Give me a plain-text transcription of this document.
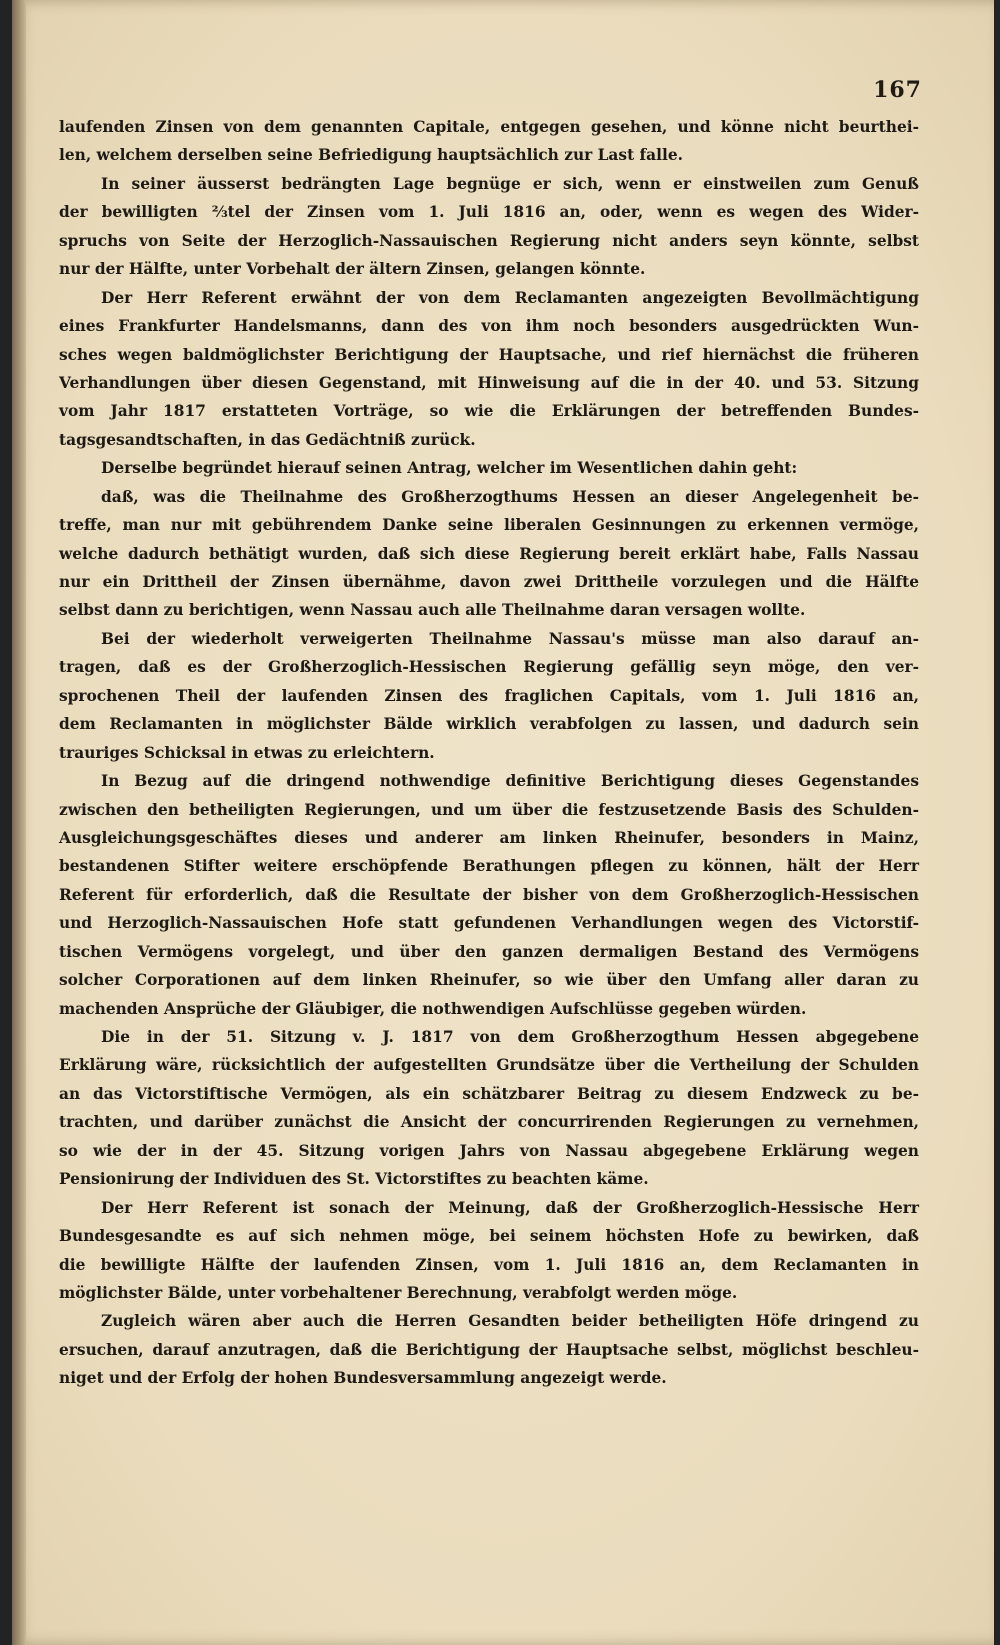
167
laufenden Zinsen von dem genannten Capitale, entgegen gesehen, und könne nicht beurthei-
len, welchem derselben seine Befriedigung hauptsächlich zur Last falle.
In seiner äusserst bedrängten Lage begnüge er sich, wenn er einstweilen zum Genuß
der bewilligten ⅔tel der Zinsen vom 1. Juli 1816 an, oder, wenn es wegen des Wider-
spruchs von Seite der Herzoglich-Nassauischen Regierung nicht anders seyn könnte, selbst
nur der Hälfte, unter Vorbehalt der ältern Zinsen, gelangen könnte.
Der Herr Referent erwähnt der von dem Reclamanten angezeigten Bevollmächtigung
eines Frankfurter Handelsmanns, dann des von ihm noch besonders ausgedrückten Wun-
sches wegen baldmöglichster Berichtigung der Hauptsache, und rief hiernächst die früheren
Verhandlungen über diesen Gegenstand, mit Hinweisung auf die in der 40. und 53. Sitzung
vom Jahr 1817 erstatteten Vorträge, so wie die Erklärungen der betreffenden Bundes-
tagsgesandtschaften, in das Gedächtniß zurück.
Derselbe begründet hierauf seinen Antrag, welcher im Wesentlichen dahin geht:
daß, was die Theilnahme des Großherzogthums Hessen an dieser Angelegenheit be-
treffe, man nur mit gebührendem Danke seine liberalen Gesinnungen zu erkennen vermöge,
welche dadurch bethätigt wurden, daß sich diese Regierung bereit erklärt habe, Falls Nassau
nur ein Drittheil der Zinsen übernähme, davon zwei Drittheile vorzulegen und die Hälfte
selbst dann zu berichtigen, wenn Nassau auch alle Theilnahme daran versagen wollte.
Bei der wiederholt verweigerten Theilnahme Nassau's müsse man also darauf an-
tragen, daß es der Großherzoglich-Hessischen Regierung gefällig seyn möge, den ver-
sprochenen Theil der laufenden Zinsen des fraglichen Capitals, vom 1. Juli 1816 an,
dem Reclamanten in möglichster Bälde wirklich verabfolgen zu lassen, und dadurch sein
trauriges Schicksal in etwas zu erleichtern.
In Bezug auf die dringend nothwendige definitive Berichtigung dieses Gegenstandes
zwischen den betheiligten Regierungen, und um über die festzusetzende Basis des Schulden-
Ausgleichungsgeschäftes dieses und anderer am linken Rheinufer, besonders in Mainz,
bestandenen Stifter weitere erschöpfende Berathungen pflegen zu können, hält der Herr
Referent für erforderlich, daß die Resultate der bisher von dem Großherzoglich-Hessischen
und Herzoglich-Nassauischen Hofe statt gefundenen Verhandlungen wegen des Victorstif-
tischen Vermögens vorgelegt, und über den ganzen dermaligen Bestand des Vermögens
solcher Corporationen auf dem linken Rheinufer, so wie über den Umfang aller daran zu
machenden Ansprüche der Gläubiger, die nothwendigen Aufschlüsse gegeben würden.
Die in der 51. Sitzung v. J. 1817 von dem Großherzogthum Hessen abgegebene
Erklärung wäre, rücksichtlich der aufgestellten Grundsätze über die Vertheilung der Schulden
an das Victorstiftische Vermögen, als ein schätzbarer Beitrag zu diesem Endzweck zu be-
trachten, und darüber zunächst die Ansicht der concurrirenden Regierungen zu vernehmen,
so wie der in der 45. Sitzung vorigen Jahrs von Nassau abgegebene Erklärung wegen
Pensionirung der Individuen des St. Victorstiftes zu beachten käme.
Der Herr Referent ist sonach der Meinung, daß der Großherzoglich-Hessische Herr
Bundesgesandte es auf sich nehmen möge, bei seinem höchsten Hofe zu bewirken, daß
die bewilligte Hälfte der laufenden Zinsen, vom 1. Juli 1816 an, dem Reclamanten in
möglichster Bälde, unter vorbehaltener Berechnung, verabfolgt werden möge.
Zugleich wären aber auch die Herren Gesandten beider betheiligten Höfe dringend zu
ersuchen, darauf anzutragen, daß die Berichtigung der Hauptsache selbst, möglichst beschleu-
niget und der Erfolg der hohen Bundesversammlung angezeigt werde.
